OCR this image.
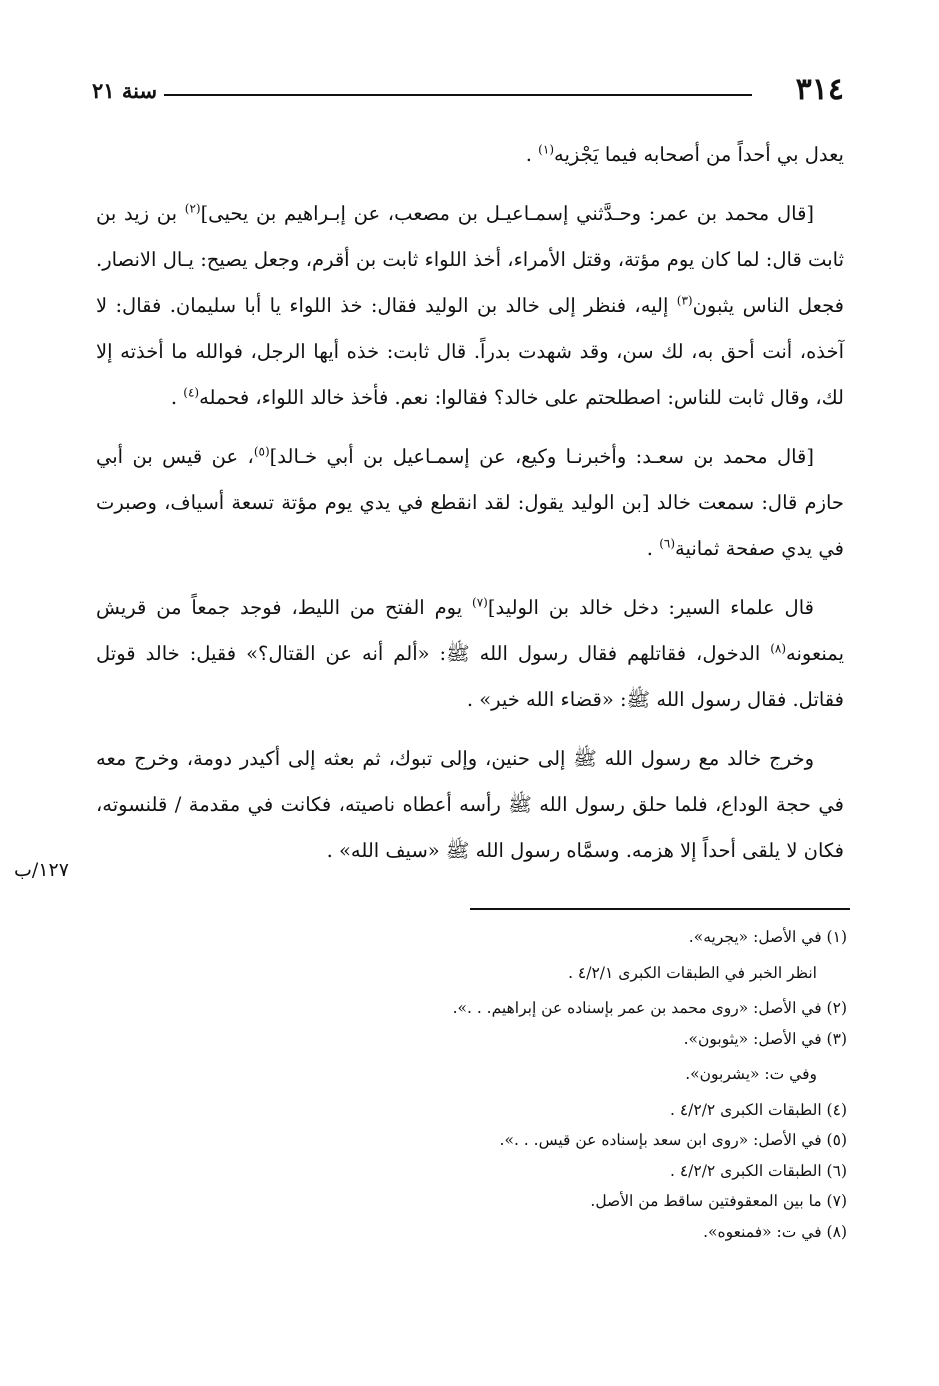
٣١٤
سنة ٢١

يعدل بي أحداً من أصحابه فيما يَجْزيه$^{(١)}$ .

[قال محمد بن عمر: وحـدَّثني إسمـاعيـل بن مصعب، عن إبـراهيم بن يحيى]$^{(٢)}$ بن زيد بن ثابت قال: لما كان يوم مؤتة، وقتل الأمراء، أخذ اللواء ثابت بن أقرم، وجعل يصيح: يـال الانصار. فجعل الناس يثبون$^{(٣)}$ إليه، فنظر إلى خالد بن الوليد فقال: خذ اللواء يا أبا سليمان. فقال: لا آخذه، أنت أحق به، لك سن، وقد شهدت بدراً. قال ثابت: خذه أيها الرجل، فوالله ما أخذته إلا لك، وقال ثابت للناس: اصطلحتم على خالد؟ فقالوا: نعم. فأخذ خالد اللواء، فحمله$^{(٤)}$ .

[قال محمد بن سعـد: وأخبرنـا وكيع، عن إسمـاعيل بن أبي خـالد]$^{(٥)}$، عن قيس بن أبي حازم قال: سمعت خالد [بن الوليد يقول: لقد انقطع في يدي يوم مؤتة تسعة أسياف، وصبرت في يدي صفحة ثمانية$^{(٦)}$ .

قال علماء السير: دخل خالد بن الوليد]$^{(٧)}$ يوم الفتح من الليط، فوجد جمعاً من قريش يمنعونه$^{(٨)}$ الدخول، فقاتلهم فقال رسول الله ﷺ: «ألم أنه عن القتال؟» فقيل: خالد قوتل فقاتل. فقال رسول الله ﷺ: «قضاء الله خير» .

وخرج خالد مع رسول الله ﷺ إلى حنين، وإلى تبوك، ثم بعثه إلى أكيدر دومة، وخرج معه في حجة الوداع، فلما حلق رسول الله ﷺ رأسه أعطاه ناصيته، فكانت في مقدمة / قلنسوته، فكان لا يلقى أحداً إلا هزمه. وسمَّاه رسول الله ﷺ «سيف الله» .

١٢٧/ب

(١) في الأصل: «يجريه».

انظر الخبر في الطبقات الكبرى ٤/٢/١ .

(٢) في الأصل: «روى محمد بن عمر بإسناده عن إبراهيم. . .».

(٣) في الأصل: «يثوبون».

وفي ت: «يشربون».

(٤) الطبقات الكبرى ٤/٢/٢ .

(٥) في الأصل: «روى ابن سعد بإسناده عن قيس. . .».

(٦) الطبقات الكبرى ٤/٢/٢ .

(٧) ما بين المعقوفتين ساقط من الأصل.

(٨) في ت: «فمنعوه».
